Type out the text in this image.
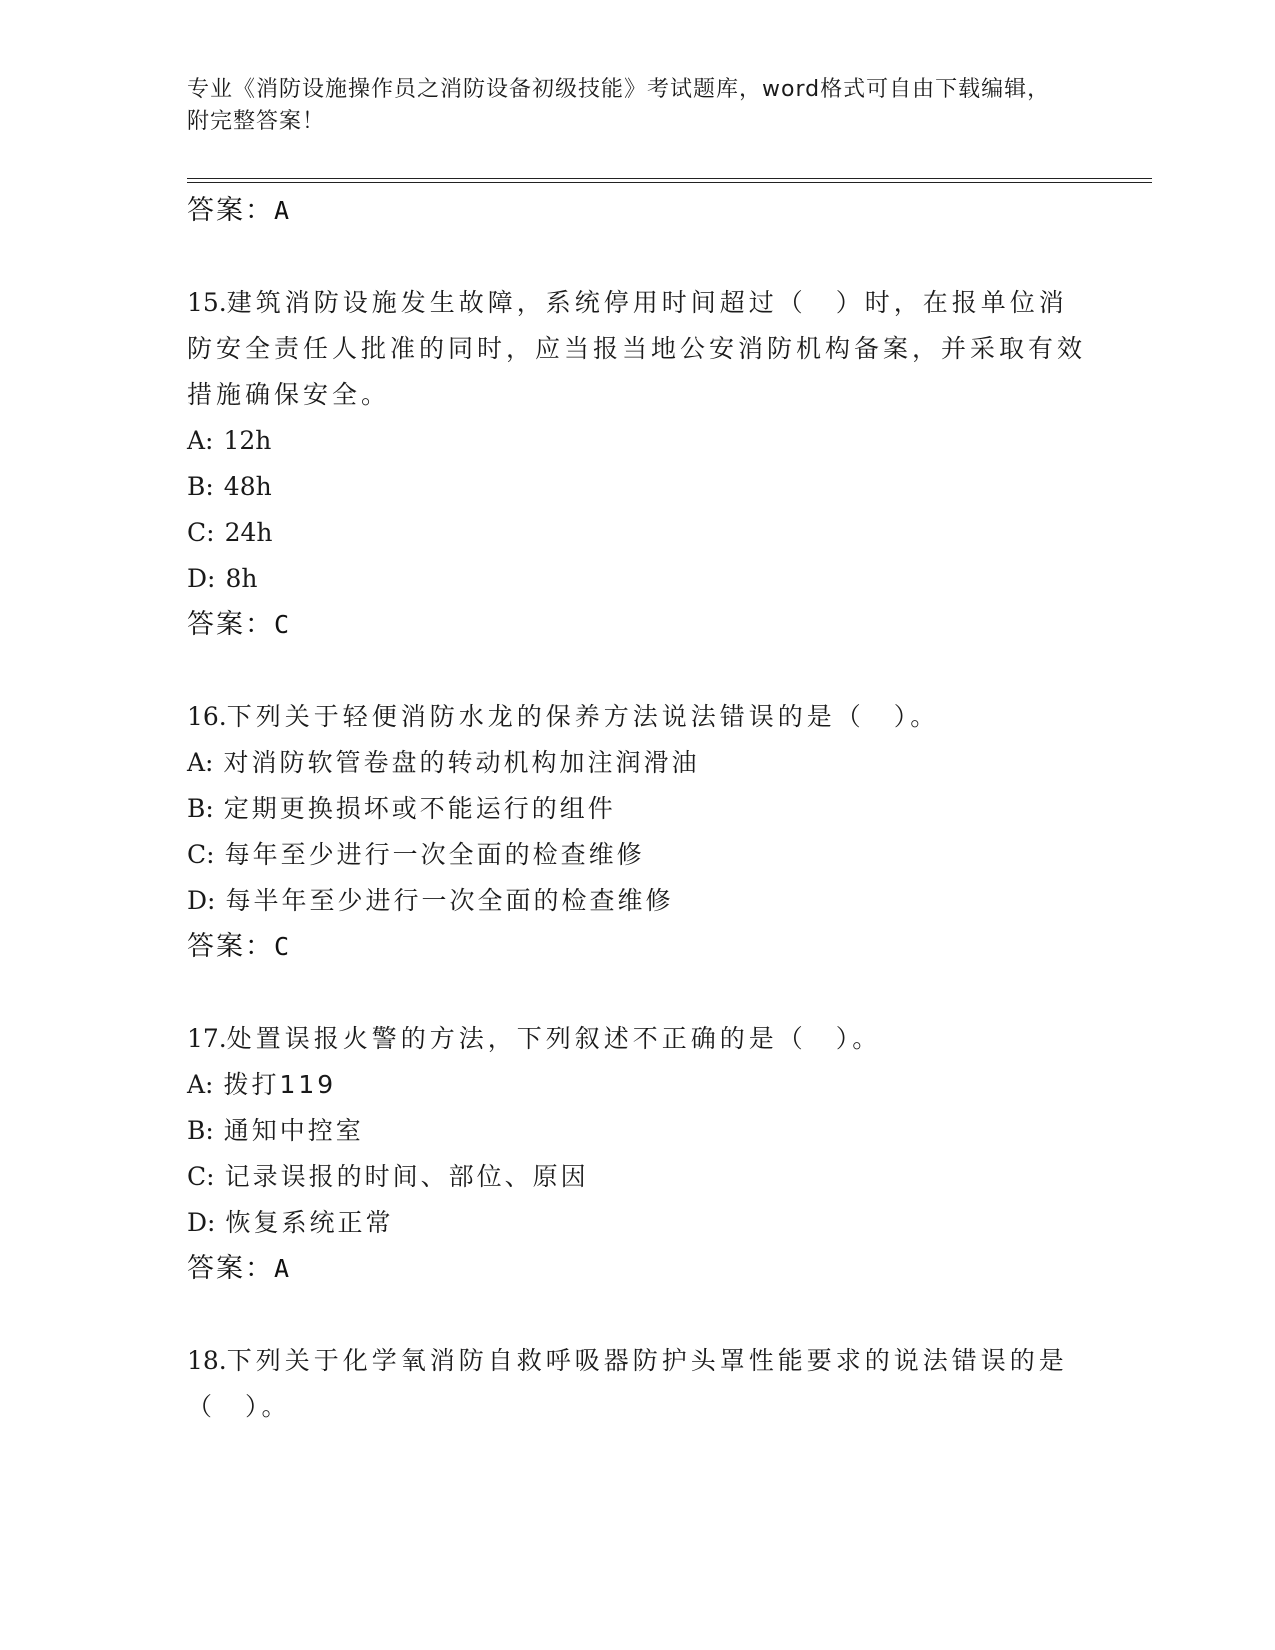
专业《消防设施操作员之消防设备初级技能》考试题库，word格式可自由下载编辑，附完整答案！
答案：A
15.建筑消防设施发生故障，系统停用时间超过（　）时，在报单位消防安全责任人批准的同时，应当报当地公安消防机构备案，并采取有效措施确保安全。
A: 12h
B: 48h
C: 24h
D: 8h
答案：C
16.下列关于轻便消防水龙的保养方法说法错误的是（　）。
A: 对消防软管卷盘的转动机构加注润滑油
B: 定期更换损坏或不能运行的组件
C: 每年至少进行一次全面的检查维修
D: 每半年至少进行一次全面的检查维修
答案：C
17.处置误报火警的方法，下列叙述不正确的是（　）。
A: 拨打119
B: 通知中控室
C: 记录误报的时间、部位、原因
D: 恢复系统正常
答案：A
18.下列关于化学氧消防自救呼吸器防护头罩性能要求的说法错误的是（　）。
